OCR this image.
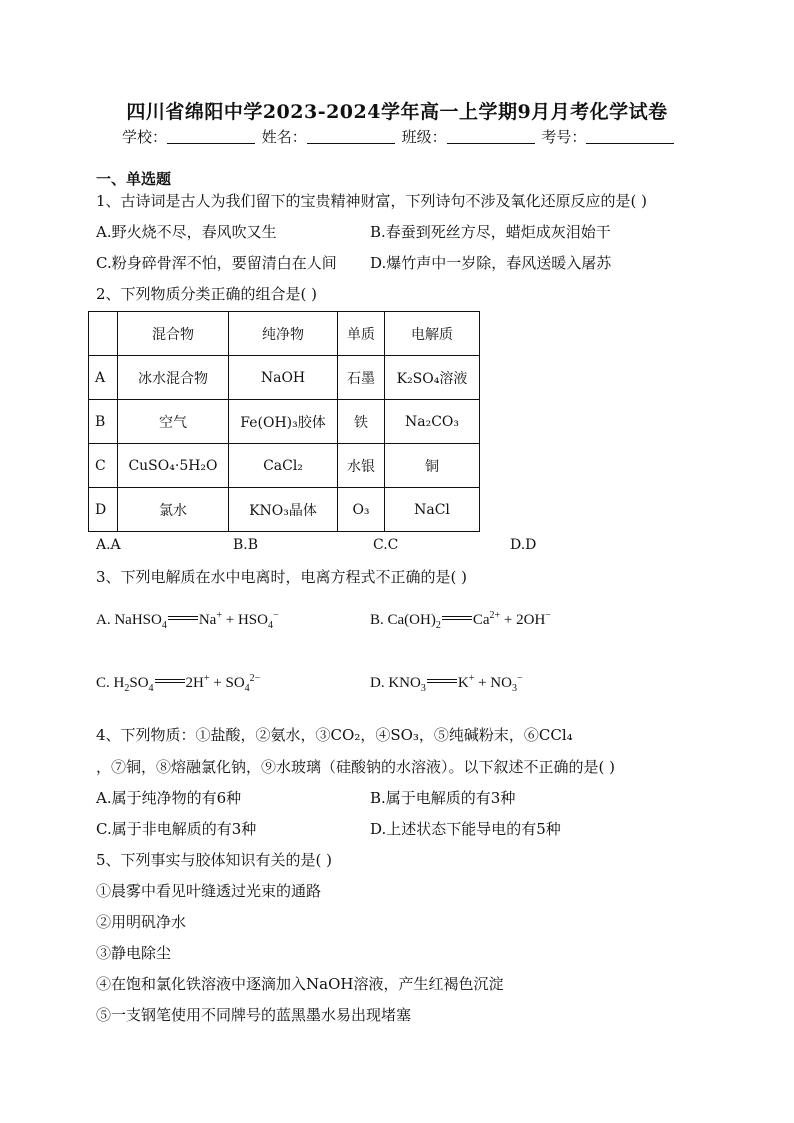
四川省绵阳中学2023-2024学年高一上学期9月月考化学试卷
学校：	姓名：	班级：	考号：
一、单选题
1、古诗词是古人为我们留下的宝贵精神财富，下列诗句不涉及氧化还原反应的是( )
A.野火烧不尽，春风吹又生	B.春蚕到死丝方尽，蜡炬成灰泪始干
C.粉身碎骨浑不怕，要留清白在人间 D.爆竹声中一岁除，春风送暖入屠苏
2、下列物质分类正确的组合是( )
	混合物	纯净物	单质	电解质
A	冰水混合物	NaOH	石墨	K₂SO₄溶液
B	空气	Fe(OH)₃胶体	铁	Na₂CO₃
C	CuSO₄·5H₂O	CaCl₂	水银	铜
D	氯水	KNO₃晶体	O₃	NaCl
A.A	B.B	C.C	D.D
3、下列电解质在水中电离时，电离方程式不正确的是( )
A. NaHSO$_4$ $Na^+ + HSO_4^-$	B. $Ca(OH)_2$ $Ca^{2+} + 2OH^-$
C. $H_2SO_4$ $2H^+ + SO_4^{2-}$	D. $KNO_3$ $K^+ + NO_3^-$
4、下列物质：①盐酸，②氨水，③CO₂，④SO₃，⑤纯碱粉末，⑥CCl₄
，⑦铜，⑧熔融氯化钠，⑨水玻璃（硅酸钠的水溶液）。以下叙述不正确的是( )
A.属于纯净物的有6种	B.属于电解质的有3种
C.属于非电解质的有3种	D.上述状态下能导电的有5种
5、下列事实与胶体知识有关的是( )
①晨雾中看见叶缝透过光束的通路
②用明矾净水
③静电除尘
④在饱和氯化铁溶液中逐滴加入NaOH溶液，产生红褐色沉淀
⑤一支钢笔使用不同牌号的蓝黑墨水易出现堵塞
